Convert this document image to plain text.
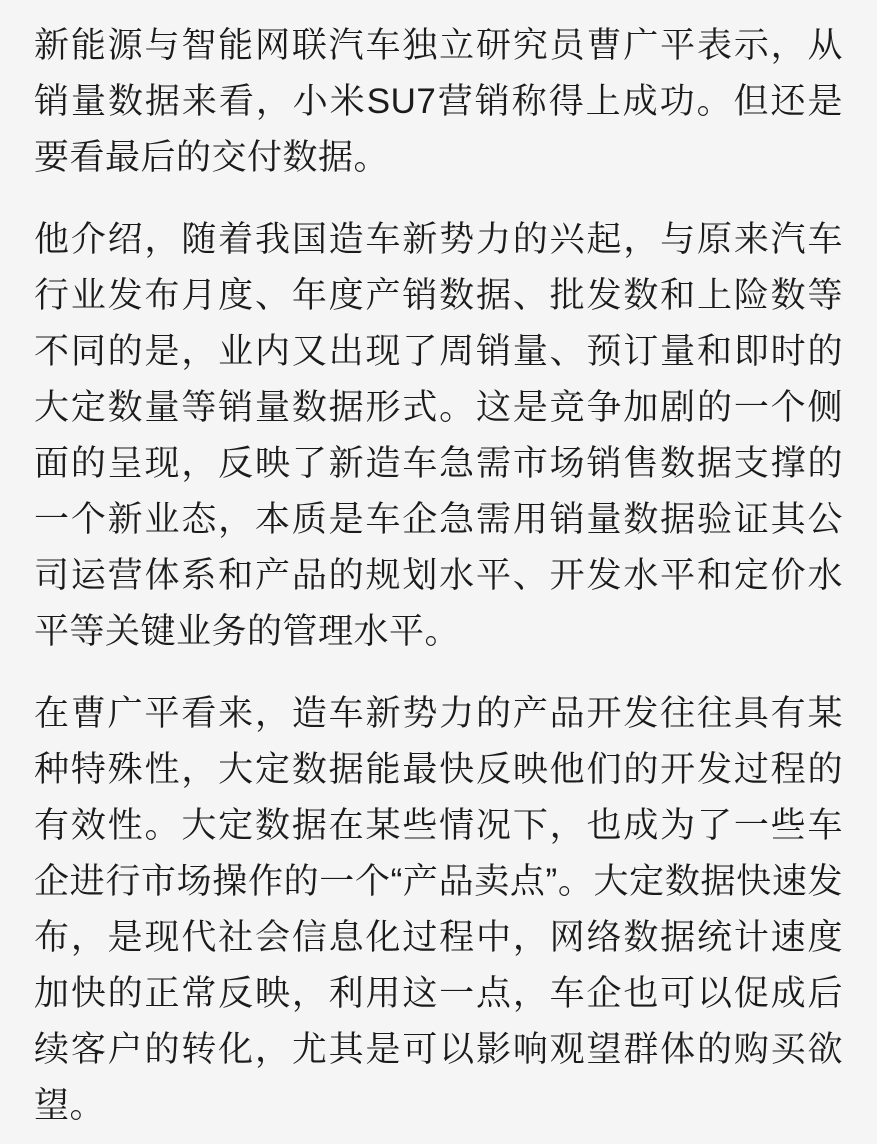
新能源与智能网联汽车独立研究员曹广平表示，从销量数据来看，小米SU7营销称得上成功。但还是要看最后的交付数据。

他介绍，随着我国造车新势力的兴起，与原来汽车行业发布月度、年度产销数据、批发数和上险数等不同的是，业内又出现了周销量、预订量和即时的大定数量等销量数据形式。这是竞争加剧的一个侧面的呈现，反映了新造车急需市场销售数据支撑的一个新业态，本质是车企急需用销量数据验证其公司运营体系和产品的规划水平、开发水平和定价水平等关键业务的管理水平。

在曹广平看来，造车新势力的产品开发往往具有某种特殊性，大定数据能最快反映他们的开发过程的有效性。大定数据在某些情况下，也成为了一些车企进行市场操作的一个“产品卖点”。大定数据快速发布，是现代社会信息化过程中，网络数据统计速度加快的正常反映，利用这一点，车企也可以促成后续客户的转化，尤其是可以影响观望群体的购买欲望。
